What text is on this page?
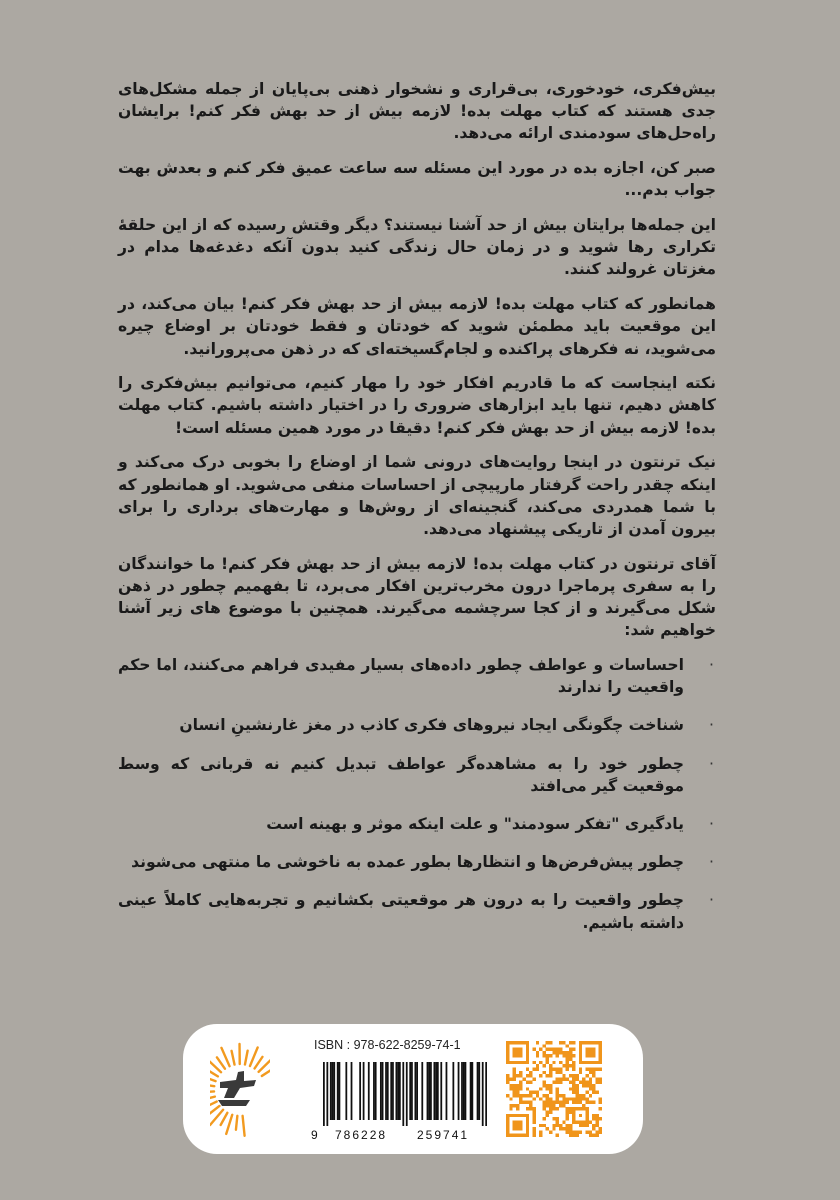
بیش‌فکری، خودخوری، بی‌قراری و نشخوار ذهنی بی‌پایان از جمله مشکل‌های جدی هستند که کتاب مهلت بده! لازمه بیش از حد بهش فکر کنم! برایشان راه‌حل‌های سودمندی ارائه می‌دهد.

صبر کن، اجازه بده در مورد این مسئله سه ساعت عمیق فکر کنم و بعدش بهت جواب بدم...

این جمله‌ها برایتان بیش از حد آشنا نیستند؟ دیگر وقتش رسیده که از این حلقهٔ تکراری رها شوید و در زمان حال زندگی کنید بدون آنکه دغدغه‌ها مدام در مغزتان غرولند کنند.

همانطور که کتاب مهلت بده! لازمه بیش از حد بهش فکر کنم! بیان می‌کند، در این موقعیت باید مطمئن شوید که خودتان و فقط خودتان بر اوضاع چیره می‌شوید، نه فکرهای پراکنده و لجام‌گسیخته‌ای که در ذهن می‌پرورانید.

نکته اینجاست که ما قادریم افکار خود را مهار کنیم، می‌توانیم بیش‌فکری را کاهش دهیم، تنها باید ابزارهای ضروری را در اختیار داشته باشیم. کتاب مهلت بده! لازمه بیش از حد بهش فکر کنم! دقیقا در مورد همین مسئله است!

نیک ترنتون در اینجا روایت‌های درونی شما از اوضاع را بخوبی درک می‌کند و اینکه چقدر راحت گرفتار مارپیچی از احساسات منفی می‌شوید. او همانطور که با شما همدردی می‌کند، گنجینه‌ای از روش‌ها و مهارت‌های برداری را برای بیرون آمدن از تاریکی پیشنهاد می‌دهد.

آقای ترنتون در کتاب مهلت بده! لازمه بیش از حد بهش فکر کنم! ما خوانندگان را به سفری پرماجرا درون مخرب‌ترین افکار می‌برد، تا بفهمیم چطور در ذهن شکل می‌گیرند و از کجا سرچشمه می‌گیرند. همچنین با موضوع های زیر آشنا خواهیم شد:

·
احساسات و عواطف چطور داده‌های بسیار مفیدی فراهم می‌کنند، اما حکم واقعیت را ندارند
·
شناخت چگونگی ایجاد نیروهای فکری کاذب در مغز غارنشینِ انسان
·
چطور خود را به مشاهده‌گر عواطف تبدیل کنیم نه قربانی که وسط موقعیت گیر می‌افتد
·
یادگیری "تفکر سودمند" و علت اینکه موثر و بهینه است
·
چطور پیش‌فرض‌ها و انتظارها بطور عمده به ناخوشی ما منتهی می‌شوند
·
چطور واقعیت را به درون هر موقعیتی بکشانیم و تجربه‌هایی کاملاً عینی داشته باشیم.
ISBN : 978-622-8259-74-1
9 786228 259741
